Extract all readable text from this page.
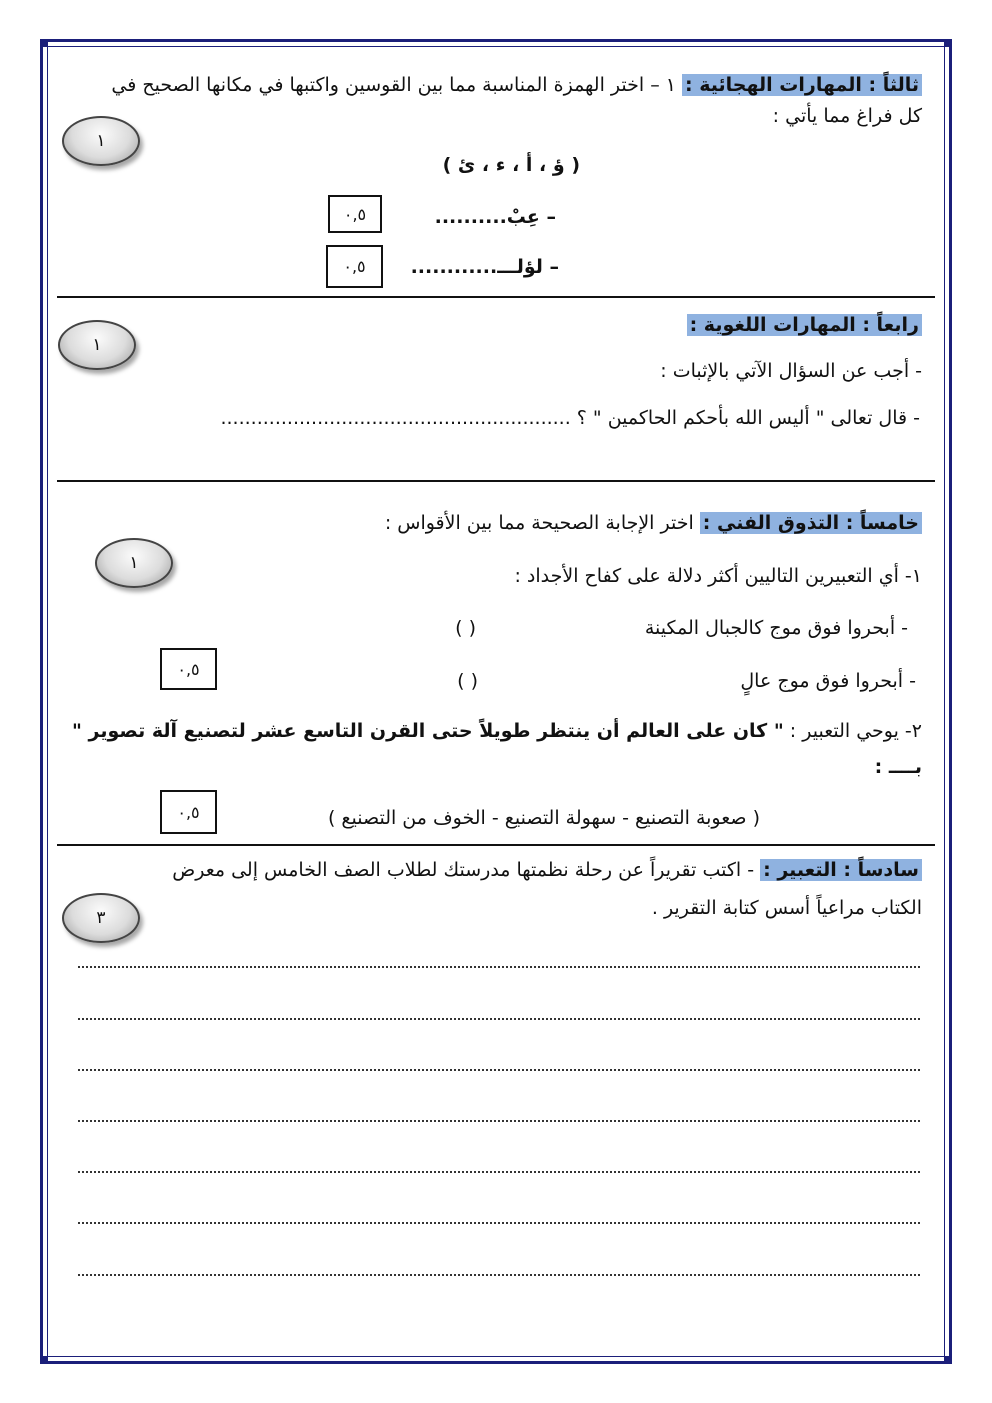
ثالثاً : المهارات الهجائية : ١ – اختر الهمزة المناسبة مما بين القوسين واكتبها في مكانها الصحيح في
كل فراغ مما يأتي :
١
( ؤ ، أ ، ء ، ئ )
– عِبْ..........
٠,٥
– لؤلـــ............
٠,٥
رابعاً : المهارات اللغوية :
١
- أجب عن السؤال الآتي بالإثبات :
- قال تعالى " أليس الله بأحكم الحاكمين " ؟ ..........................................................
خامساً : التذوق الفني : اختر الإجابة الصحيحة مما بين الأقواس :
١
١- أي التعبيرين التاليين أكثر دلالة على كفاح الأجداد :
- أبحروا فوق موج كالجبال المكينة
( )
- أبحروا فوق موج عالٍ
( )
٠,٥
٢- يوحي التعبير : " كان على العالم أن ينتظر طويلاً حتى القرن التاسع عشر لتصنيع آلة تصوير "
بــــ :
( صعوبة التصنيع - سهولة التصنيع - الخوف من التصنيع )
٠,٥
سادساً : التعبير : - اكتب تقريراً عن رحلة نظمتها مدرستك لطلاب الصف الخامس إلى معرض
الكتاب مراعياً أسس كتابة التقرير .
٣
